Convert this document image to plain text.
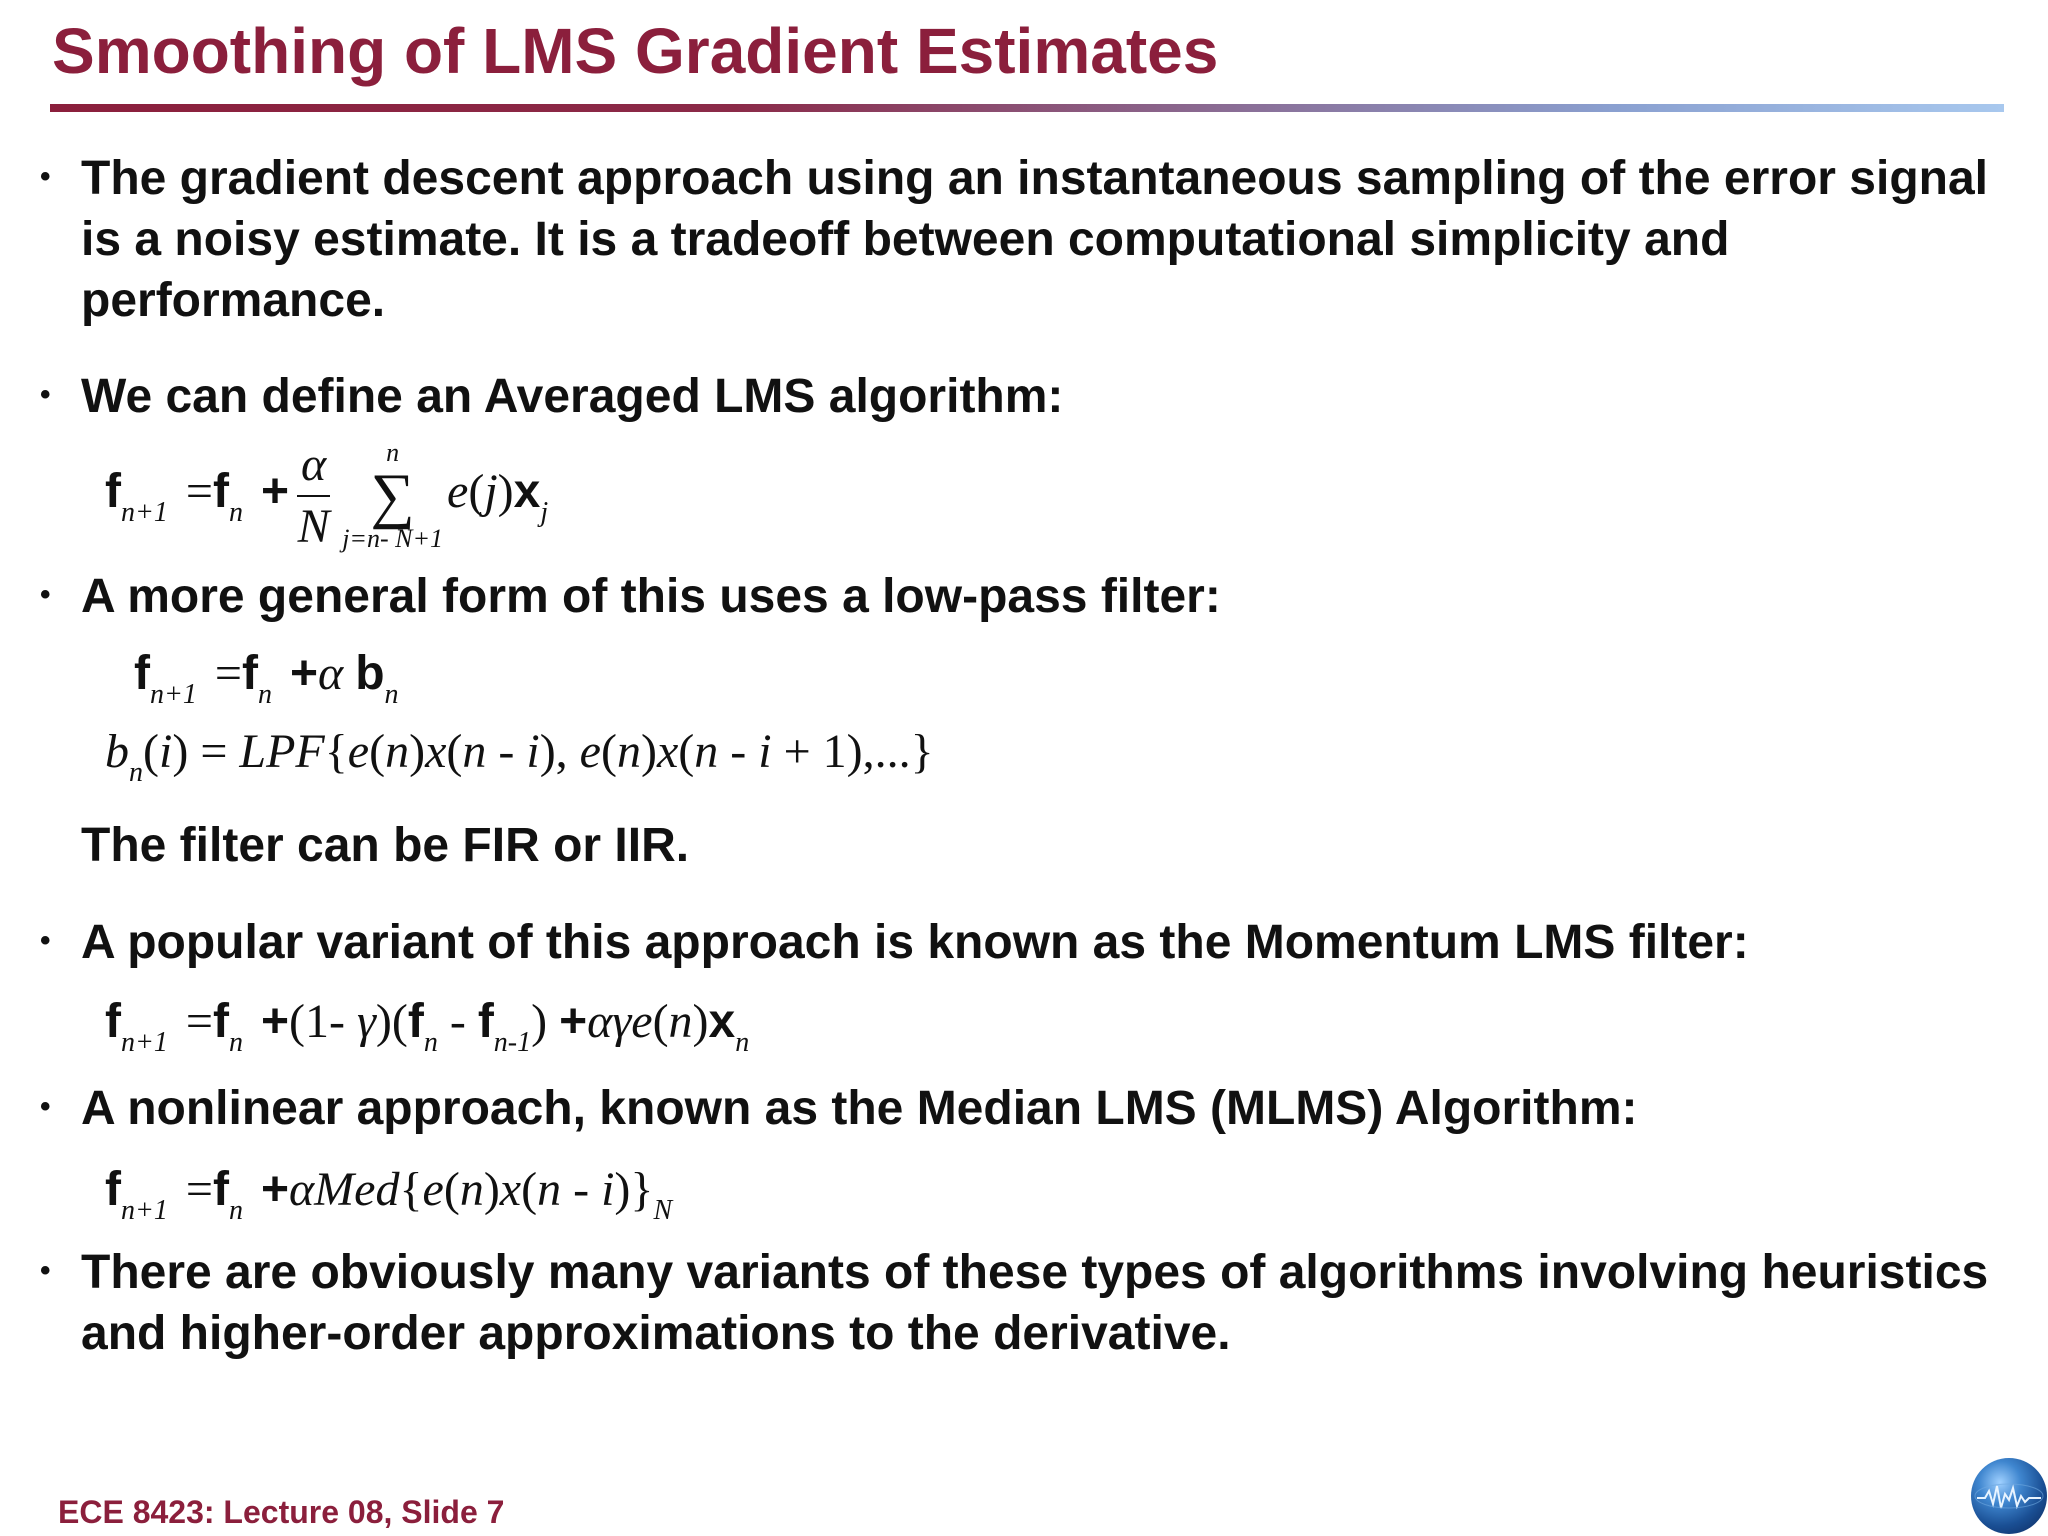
Smoothing of LMS Gradient Estimates
• The gradient descent approach using an instantaneous sampling of the error signal is a noisy estimate. It is a tradeoff between computational simplicity and performance.
• We can define an Averaged LMS algorithm:
$f_{n+1} =f_n + \frac{\alpha}{N}$	n
∑
j=n- N+1
$e(j)x_j$
• A more general form of this uses a low-pass filter:
$f_{n+1} =f_n +\alpha$ $b_n$
$b_n(i) = LPF\{e(n)x(n - i)$, e(n)x(n - i + 1),...}
The filter can be FIR or IIR.
• A popular variant of this approach is known as the Momentum LMS filter:
$f_{n+1} =f_n +(1-$ $\gamma)(f_n - f_{n-1}) +\alpha\gamma e(n)x_n$
• A nonlinear approach, known as the Median LMS (MLMS) Algorithm:
$f_{n+1} =f_n +\alpha Med\{e(n)x(n - i)\}_N$
• There are obviously many variants of these types of algorithms involving heuristics and higher-order approximations to the derivative.
ECE 8423: Lecture 08, Slide 7
